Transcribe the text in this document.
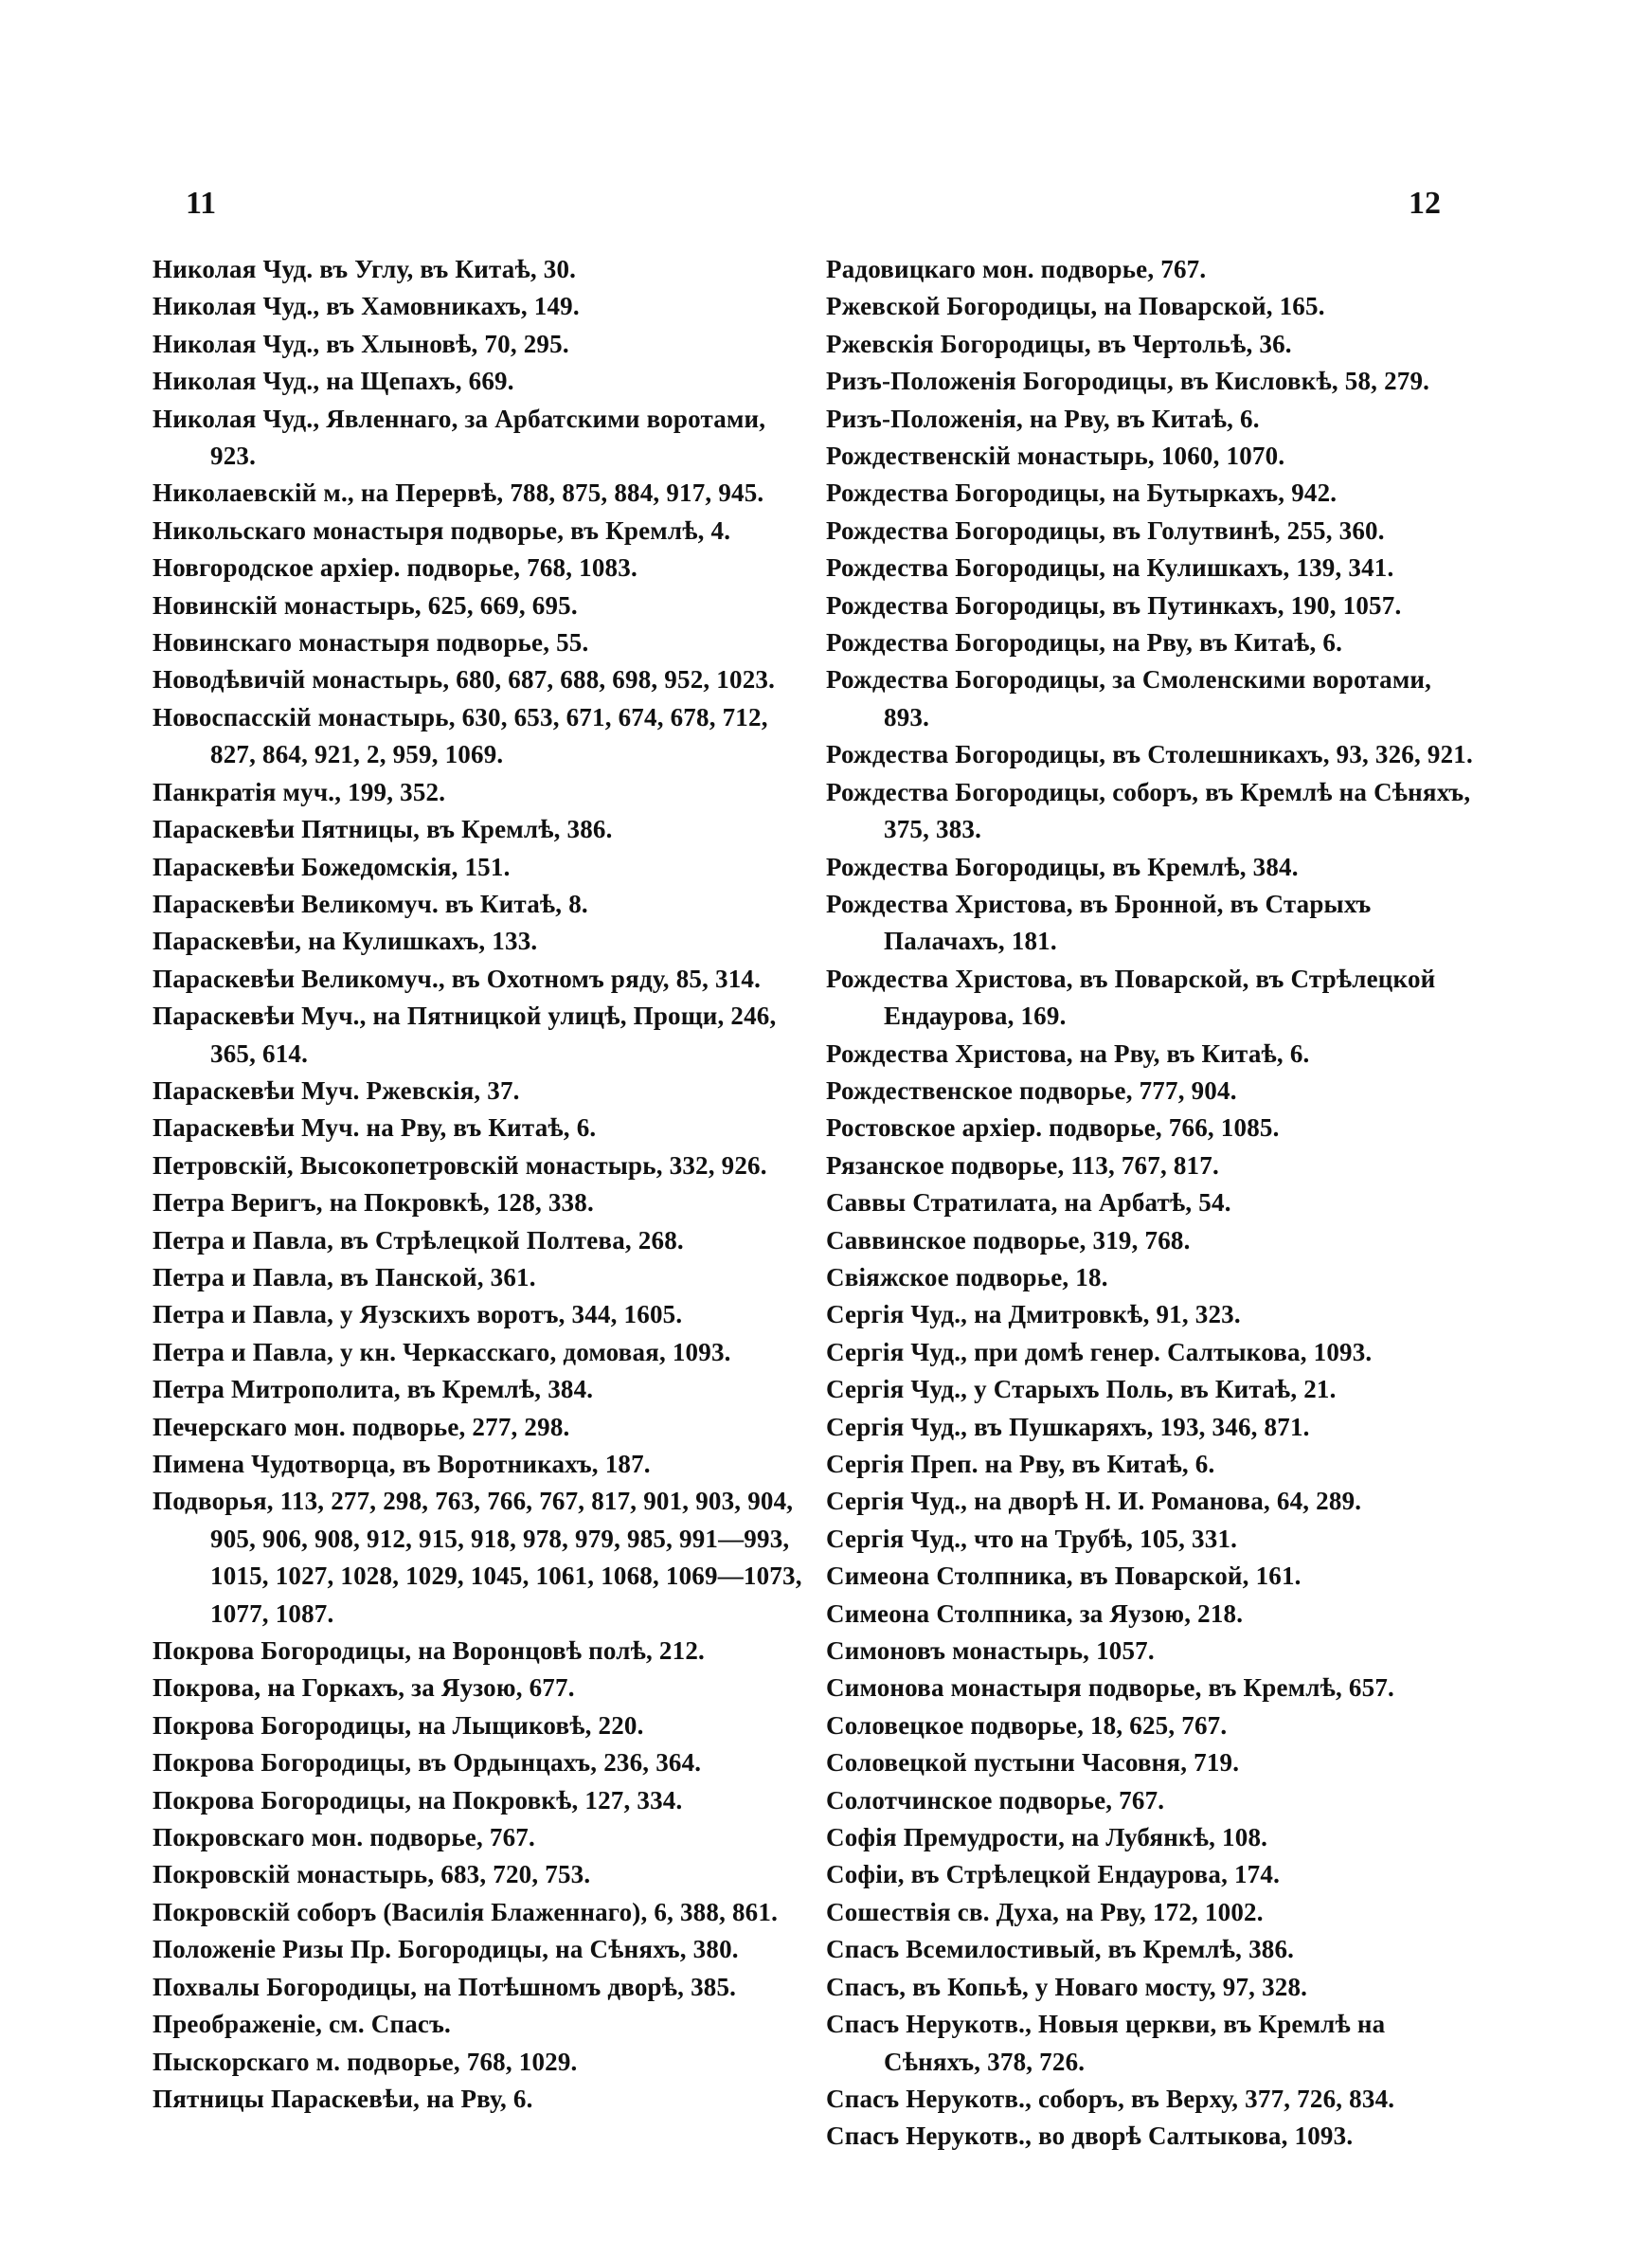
11	12
Николая Чуд. въ Углу, въ Китаѣ, 30.
Николая Чуд., въ Хамовникахъ, 149.
Николая Чуд., въ Хлыновѣ, 70, 295.
Николая Чуд., на Щепахъ, 669.
Николая Чуд., Явленнаго, за Арбатскими воротами, 923.
Николаевскій м., на Перервѣ, 788, 875, 884, 917, 945.
Никольскаго монастыря подворье, въ Кремлѣ, 4.
Новгородское архіер. подворье, 768, 1083.
Новинскій монастырь, 625, 669, 695.
Новинскаго монастыря подворье, 55.
Новодѣвичій монастырь, 680, 687, 688, 698, 952, 1023.
Новоспасскій монастырь, 630, 653, 671, 674, 678, 712, 827, 864, 921, 2, 959, 1069.
Панкратія муч., 199, 352.
Параскевѣи Пятницы, въ Кремлѣ, 386.
Параскевѣи Божедомскія, 151.
Параскевѣи Великомуч. въ Китаѣ, 8.
Параскевѣи, на Кулишкахъ, 133.
Параскевѣи Великомуч., въ Охотномъ ряду, 85, 314.
Параскевѣи Муч., на Пятницкой улицѣ, Прощи, 246, 365, 614.
Параскевѣи Муч. Ржевскія, 37.
Параскевѣи Муч. на Рву, въ Китаѣ, 6.
Петровскій, Высокопетровскій монастырь, 332, 926.
Петра Веригъ, на Покровкѣ, 128, 338.
Петра и Павла, въ Стрѣлецкой Полтева, 268.
Петра и Павла, въ Панской, 361.
Петра и Павла, у Яузскихъ воротъ, 344, 1605.
Петра и Павла, у кн. Черкасскаго, домовая, 1093.
Петра Митрополита, въ Кремлѣ, 384.
Печерскаго мон. подворье, 277, 298.
Пимена Чудотворца, въ Воротникахъ, 187.
Подворья, 113, 277, 298, 763, 766, 767, 817, 901, 903, 904, 905, 906, 908, 912, 915, 918, 978, 979, 985, 991—993, 1015, 1027, 1028, 1029, 1045, 1061, 1068, 1069—1073, 1077, 1087.
Покрова Богородицы, на Воронцовѣ полѣ, 212.
Покрова, на Горкахъ, за Яузою, 677.
Покрова Богородицы, на Лыщиковѣ, 220.
Покрова Богородицы, въ Ордынцахъ, 236, 364.
Покрова Богородицы, на Покровкѣ, 127, 334.
Покровскаго мон. подворье, 767.
Покровскій монастырь, 683, 720, 753.
Покровскій соборъ (Василія Блаженнаго), 6, 388, 861.
Положеніе Ризы Пр. Богородицы, на Сѣняхъ, 380.
Похвалы Богородицы, на Потѣшномъ дворѣ, 385.
Преображеніе, см. Спасъ.
Пыскорскаго м. подворье, 768, 1029.
Пятницы Параскевѣи, на Рву, 6.
Радовицкаго мон. подворье, 767.
Ржевской Богородицы, на Поварской, 165.
Ржевскія Богородицы, въ Чертольѣ, 36.
Ризъ-Положенія Богородицы, въ Кисловкѣ, 58, 279.
Ризъ-Положенія, на Рву, въ Китаѣ, 6.
Рождественскій монастырь, 1060, 1070.
Рождества Богородицы, на Бутыркахъ, 942.
Рождества Богородицы, въ Голутвинѣ, 255, 360.
Рождества Богородицы, на Кулишкахъ, 139, 341.
Рождества Богородицы, въ Путинкахъ, 190, 1057.
Рождества Богородицы, на Рву, въ Китаѣ, 6.
Рождества Богородицы, за Смоленскими воротами, 893.
Рождества Богородицы, въ Столешникахъ, 93, 326, 921.
Рождества Богородицы, соборъ, въ Кремлѣ на Сѣняхъ, 375, 383.
Рождества Богородицы, въ Кремлѣ, 384.
Рождества Христова, въ Бронной, въ Старыхъ Палачахъ, 181.
Рождества Христова, въ Поварской, въ Стрѣлецкой Ендаурова, 169.
Рождества Христова, на Рву, въ Китаѣ, 6.
Рождественское подворье, 777, 904.
Ростовское архіер. подворье, 766, 1085.
Рязанское подворье, 113, 767, 817.
Саввы Стратилата, на Арбатѣ, 54.
Саввинское подворье, 319, 768.
Свіяжское подворье, 18.
Сергія Чуд., на Дмитровкѣ, 91, 323.
Сергія Чуд., при домѣ генер. Салтыкова, 1093.
Сергія Чуд., у Старыхъ Поль, въ Китаѣ, 21.
Сергія Чуд., въ Пушкаряхъ, 193, 346, 871.
Сергія Преп. на Рву, въ Китаѣ, 6.
Сергія Чуд., на дворѣ Н. И. Романова, 64, 289.
Сергія Чуд., что на Трубѣ, 105, 331.
Симеона Столпника, въ Поварской, 161.
Симеона Столпника, за Яузою, 218.
Симоновъ монастырь, 1057.
Симонова монастыря подворье, въ Кремлѣ, 657.
Соловецкое подворье, 18, 625, 767.
Соловецкой пустыни Часовня, 719.
Солотчинское подворье, 767.
Софія Премудрости, на Лубянкѣ, 108.
Софіи, въ Стрѣлецкой Ендаурова, 174.
Сошествія св. Духа, на Рву, 172, 1002.
Спасъ Всемилостивый, въ Кремлѣ, 386.
Спасъ, въ Копьѣ, у Новаго мосту, 97, 328.
Спасъ Нерукотв., Новыя церкви, въ Кремлѣ на Сѣняхъ, 378, 726.
Спасъ Нерукотв., соборъ, въ Верху, 377, 726, 834.
Спасъ Нерукотв., во дворѣ Салтыкова, 1093.
